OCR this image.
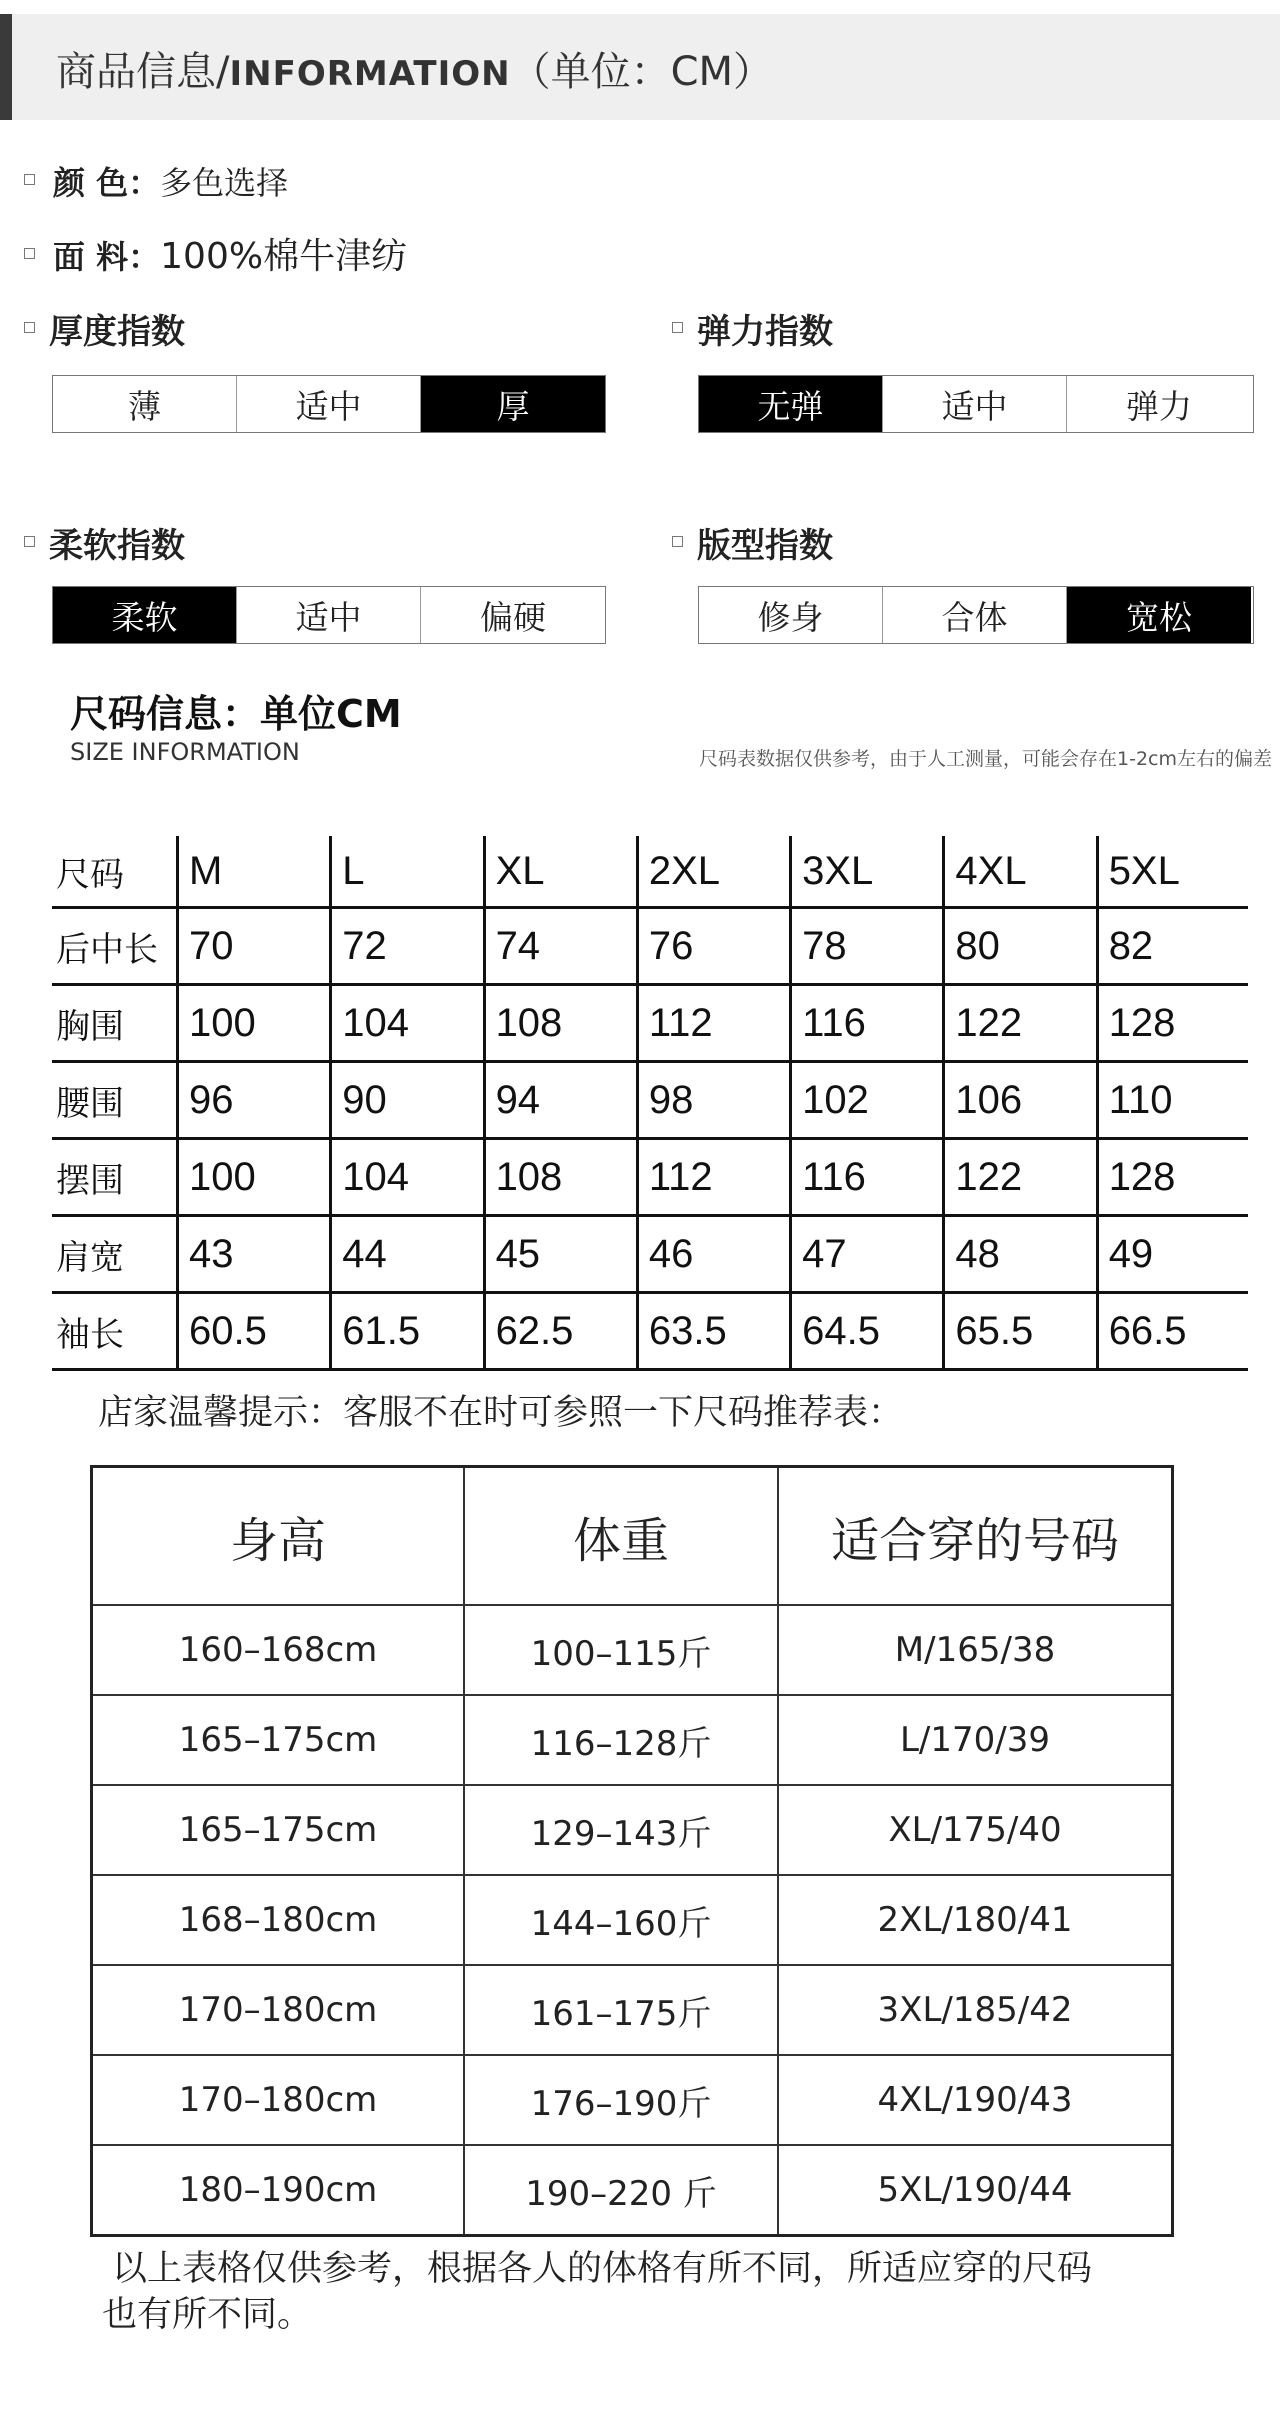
商品信息/INFORMATION（单位：CM）
颜 色：多色选择
面 料：100%棉牛津纺
厚度指数	弹力指数
柔软指数	版型指数
薄	适中	厚	无弹	适中	弹力
柔软	适中	偏硬	修身	合体	宽松
尺码信息：单位CM
SIZE INFORMATION	尺码表数据仅供参考，由于人工测量，可能会存在1-2cm左右的偏差
尺码	M	L	XL	2XL	3XL	4XL	5XL
后中长	70	72	74	76	78	80	82
胸围	100	104	108	112	116	122	128
腰围	96	90	94	98	102	106	110
摆围	100	104	108	112	116	122	128
肩宽	43	44	45	46	47	48	49
袖长	60.5	61.5	62.5	63.5	64.5	65.5	66.5
店家温馨提示：客服不在时可参照一下尺码推荐表：
身高	体重	适合穿的号码
160–168cm	100–115斤	M/165/38
165–175cm	116–128斤	L/170/39
165–175cm	129–143斤	XL/175/40
168–180cm	144–160斤	2XL/180/41
170–180cm	161–175斤	3XL/185/42
170–180cm	176–190斤	4XL/190/43
180–190cm	190–220 斤	5XL/190/44
以上表格仅供参考，根据各人的体格有所不同，所适应穿的尺码
也有所不同。
